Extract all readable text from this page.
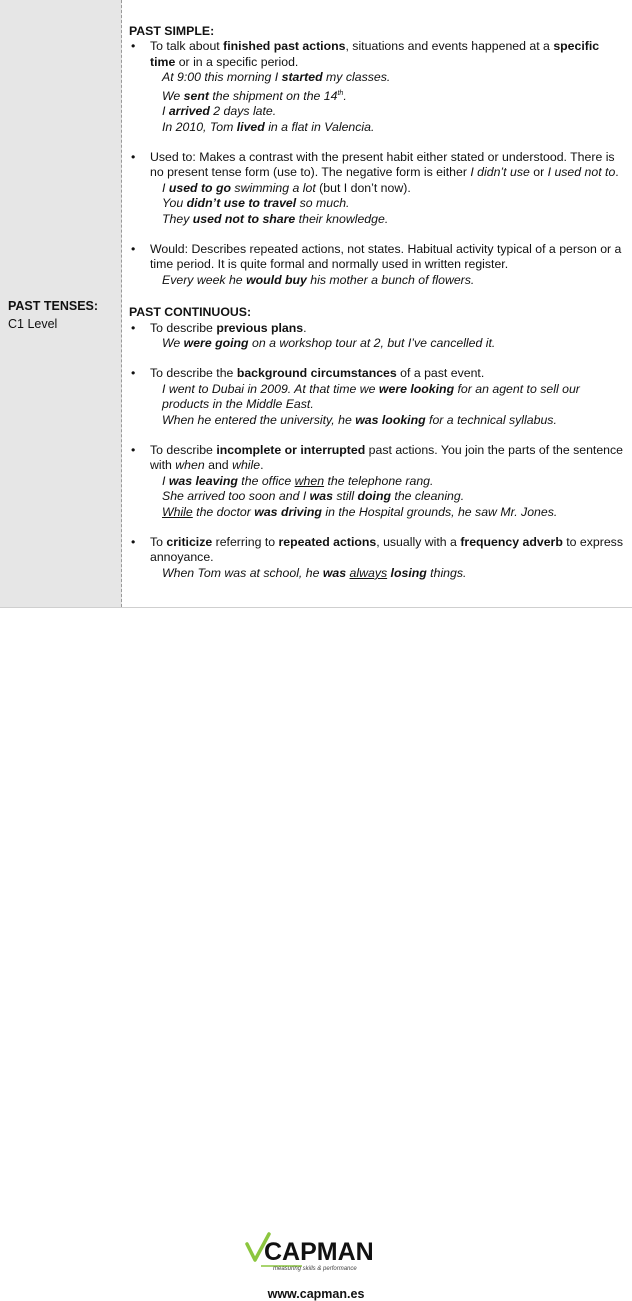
PAST TENSES:
C1 Level

PAST SIMPLE:

• To talk about finished past actions, situations and events happened at a specific time or in a specific period.
At 9:00 this morning I started my classes.
We sent the shipment on the 14th.
I arrived 2 days late.
In 2010, Tom lived in a flat in Valencia.
• Used to: Makes a contrast with the present habit either stated or understood. There is no present tense form (use to). The negative form is either I didn’t use or I used not to.
I used to go swimming a lot (but I don’t now).
You didn’t use to travel so much.
They used not to share their knowledge.
• Would: Describes repeated actions, not states. Habitual activity typical of a person or a time period. It is quite formal and normally used in written register.
Every week he would buy his mother a bunch of flowers.

PAST CONTINUOUS:

• To describe previous plans.
We were going on a workshop tour at 2, but I’ve cancelled it.
• To describe the background circumstances of a past event.
I went to Dubai in 2009. At that time we were looking for an agent to sell our products in the Middle East.
When he entered the university, he was looking for a technical syllabus.
• To describe incomplete or interrupted past actions. You join the parts of the sentence with when and while.
I was leaving the office when the telephone rang.
She arrived too soon and I was still doing the cleaning.
While the doctor was driving in the Hospital grounds, he saw Mr. Jones.
• To criticize referring to repeated actions, usually with a frequency adverb to express annoyance.
When Tom was at school, he was always losing things.
CAPMAN
measuring skills & performance
www.capman.es
